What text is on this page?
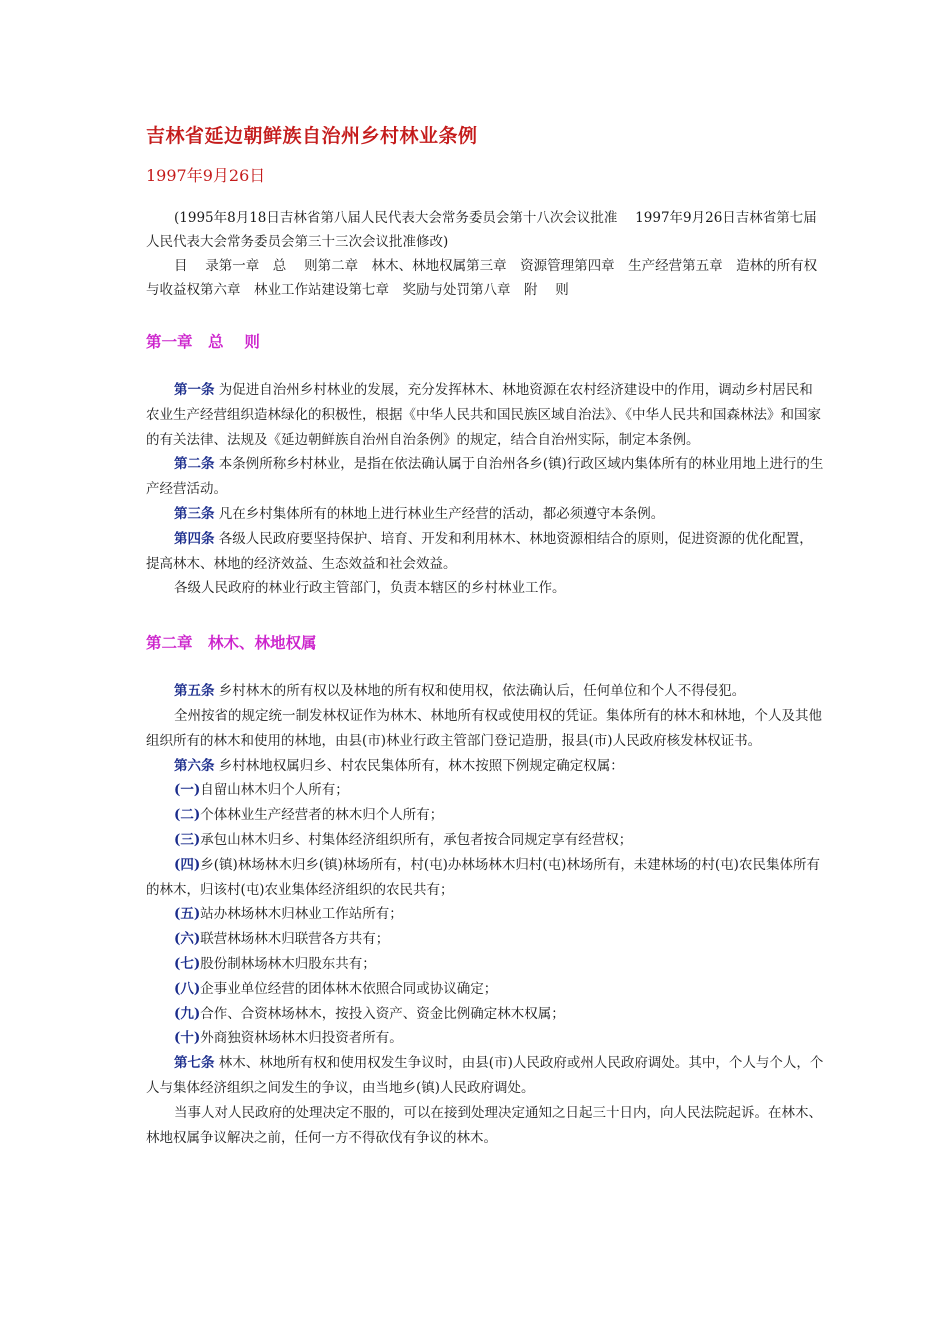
吉林省延边朝鲜族自治州乡村林业条例
1997年9月26日

(1995年8月18日吉林省第八届人民代表大会常务委员会第十八次会议批准　 1997年9月26日吉林省第七届人民代表大会常务委员会第三十三次会议批准修改)

目　 录第一章　总　 则第二章　林木、林地权属第三章　资源管理第四章　生产经营第五章　造林的所有权与收益权第六章　林业工作站建设第七章　奖励与处罚第八章　附　 则

第一章　总　 则

第一条 为促进自治州乡村林业的发展，充分发挥林木、林地资源在农村经济建设中的作用，调动乡村居民和农业生产经营组织造林绿化的积极性，根据《中华人民共和国民族区域自治法》、《中华人民共和国森林法》和国家的有关法律、法规及《延边朝鲜族自治州自治条例》的规定，结合自治州实际，制定本条例。

第二条 本条例所称乡村林业，是指在依法确认属于自治州各乡(镇)行政区域内集体所有的林业用地上进行的生产经营活动。

第三条 凡在乡村集体所有的林地上进行林业生产经营的活动，都必须遵守本条例。

第四条 各级人民政府要坚持保护、培育、开发和利用林木、林地资源相结合的原则，促进资源的优化配置，提高林木、林地的经济效益、生态效益和社会效益。

各级人民政府的林业行政主管部门，负责本辖区的乡村林业工作。

第二章　林木、林地权属

第五条 乡村林木的所有权以及林地的所有权和使用权，依法确认后，任何单位和个人不得侵犯。

全州按省的规定统一制发林权证作为林木、林地所有权或使用权的凭证。集体所有的林木和林地，个人及其他组织所有的林木和使用的林地，由县(市)林业行政主管部门登记造册，报县(市)人民政府核发林权证书。

第六条 乡村林地权属归乡、村农民集体所有，林木按照下例规定确定权属：

(一)自留山林木归个人所有；

(二)个体林业生产经营者的林木归个人所有；

(三)承包山林木归乡、村集体经济组织所有，承包者按合同规定享有经营权；

(四)乡(镇)林场林木归乡(镇)林场所有，村(屯)办林场林木归村(屯)林场所有，未建林场的村(屯)农民集体所有的林木，归该村(屯)农业集体经济组织的农民共有；

(五)站办林场林木归林业工作站所有；

(六)联营林场林木归联营各方共有；

(七)股份制林场林木归股东共有；

(八)企事业单位经营的团体林木依照合同或协议确定；

(九)合作、合资林场林木，按投入资产、资金比例确定林木权属；

(十)外商独资林场林木归投资者所有。

第七条 林木、林地所有权和使用权发生争议时，由县(市)人民政府或州人民政府调处。其中，个人与个人，个人与集体经济组织之间发生的争议，由当地乡(镇)人民政府调处。

当事人对人民政府的处理决定不服的，可以在接到处理决定通知之日起三十日内，向人民法院起诉。在林木、林地权属争议解决之前，任何一方不得砍伐有争议的林木。
